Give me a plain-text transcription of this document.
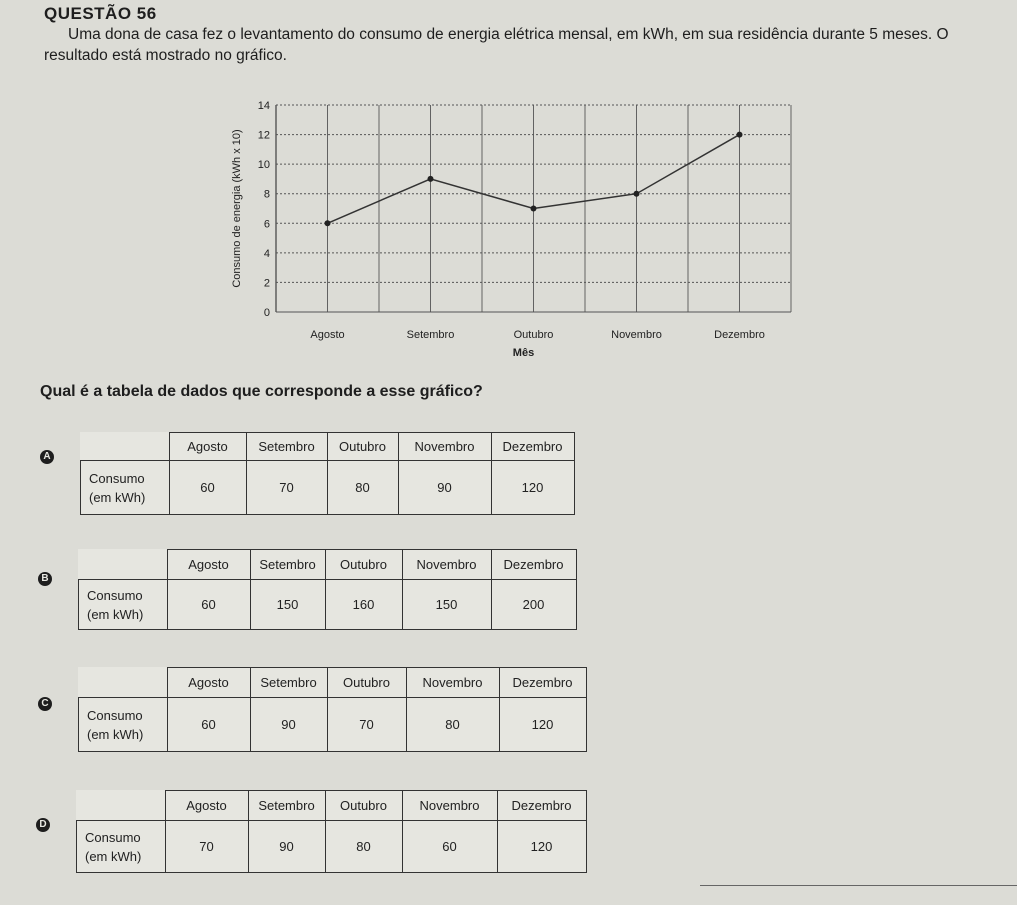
QUESTÃO 56
Uma dona de casa fez o levantamento do consumo de energia elétrica mensal, em kWh, em sua residência durante 5 meses. O resultado está mostrado no gráfico.
0
2
4
6
8
10
12
14
Agosto	Setembro	Outubro	Novembro	Dezembro
Consumo de energia (kWh x 10)
Mês
Qual é a tabela de dados que corresponde a esse gráfico?
A
	Agosto	Setembro	Outubro	Novembro	Dezembro

Consumo
(em kWh)	60	70	80	90	120
B
	Agosto	Setembro	Outubro	Novembro	Dezembro

Consumo
(em kWh)	60	150	160	150	200
C
	Agosto	Setembro	Outubro	Novembro	Dezembro

Consumo
(em kWh)	60	90	70	80	120
D
	Agosto	Setembro	Outubro	Novembro	Dezembro

Consumo
(em kWh)	70	90	80	60	120
